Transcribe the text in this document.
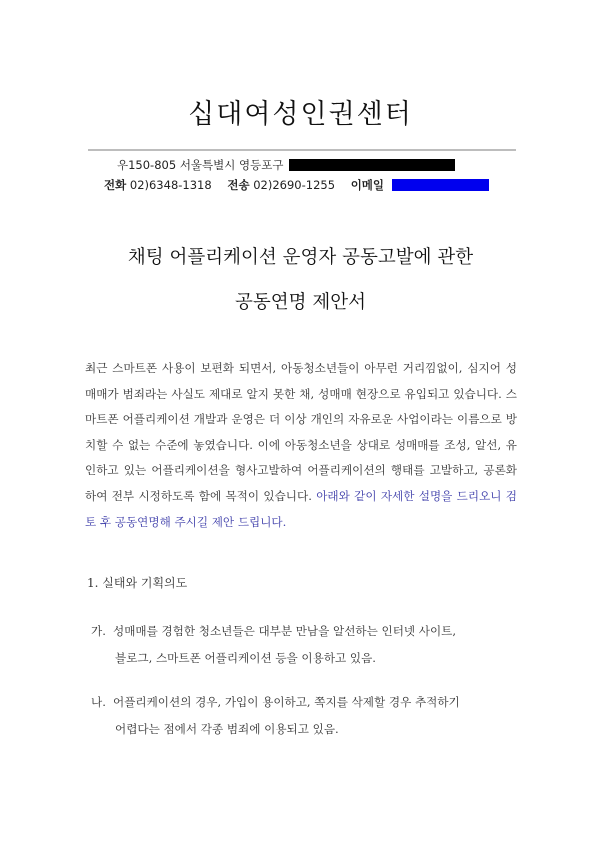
십대여성인권센터
우150-805 서울특별시 영등포구
전화 02)6348-1318 전송 02)2690-1255 이메일
채팅 어플리케이션 운영자 공동고발에 관한
공동연명 제안서
최근 스마트폰 사용이 보편화 되면서, 아동청소년들이 아무런 거리낌없이, 심지어 성매매가 범죄라는 사실도 제대로 알지 못한 채, 성매매 현장으로 유입되고 있습니다. 스마트폰 어플리케이션 개발과 운영은 더 이상 개인의 자유로운 사업이라는 이름으로 방치할 수 없는 수준에 놓였습니다. 이에 아동청소년을 상대로 성매매를 조성, 알선, 유인하고 있는 어플리케이션을 형사고발하여 어플리케이션의 행태를 고발하고, 공론화하여 전부 시정하도록 함에 목적이 있습니다. 아래와 같이 자세한 설명을 드리오니 검토 후 공동연명해 주시길 제안 드립니다.
1. 실태와 기획의도
가. 성매매를 경험한 청소년들은 대부분 만남을 알선하는 인터넷 사이트,
블로그, 스마트폰 어플리케이션 등을 이용하고 있음.
나. 어플리케이션의 경우, 가입이 용이하고, 쪽지를 삭제할 경우 추적하기
어렵다는 점에서 각종 범죄에 이용되고 있음.
